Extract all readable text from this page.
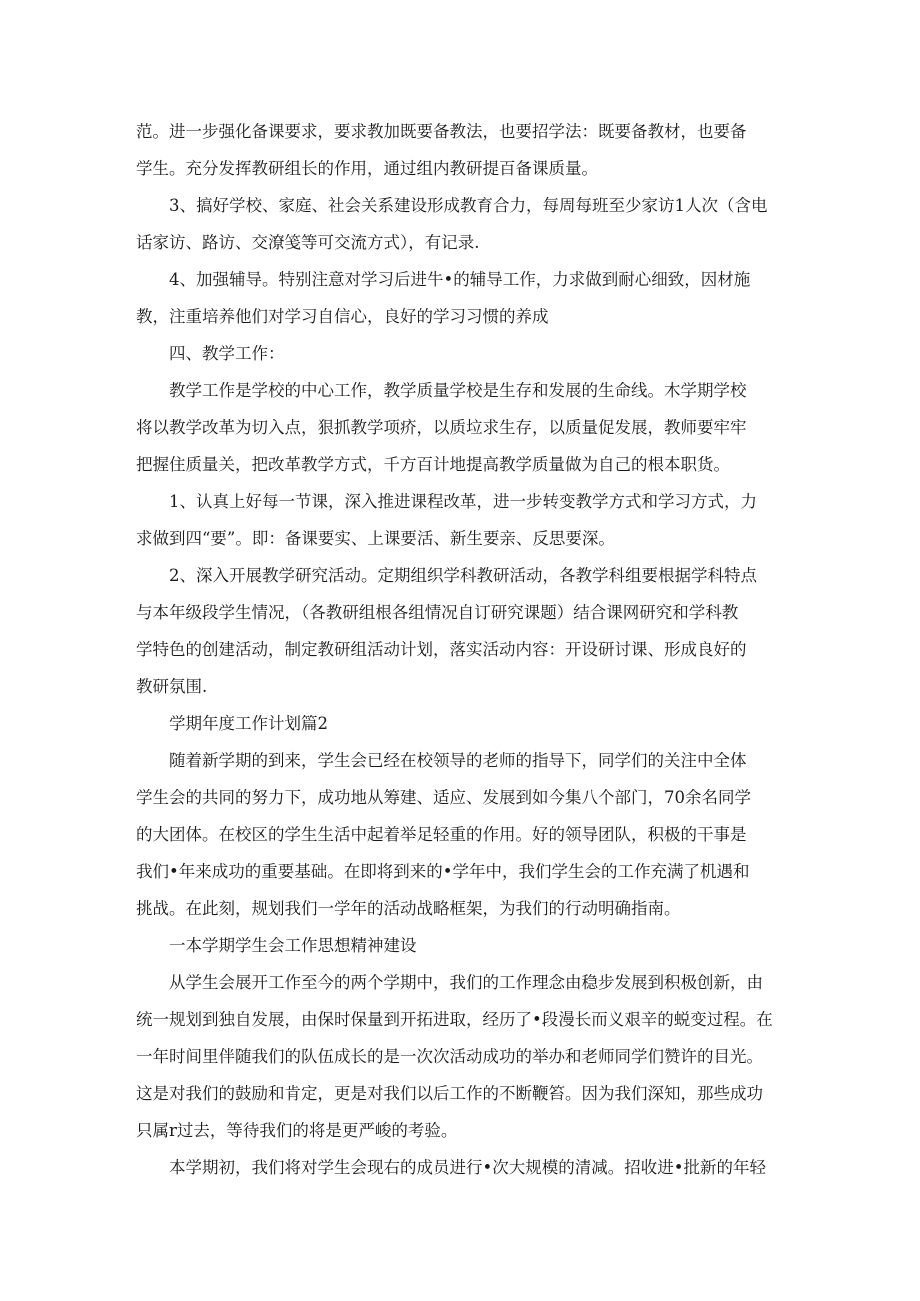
范。进一步强化备课要求，要求教加既要备教法，也要招学法：既要备教材，也要备
学生。充分发挥教研组长的作用，通过组内教研提百备课质量。
3、搞好学校、家庭、社会关系建设形成教育合力，每周每班至少家访1人次（含电
话家访、路访、交潦笺等可交流方式），有记录.
4、加强辅导。特别注意对学习后进牛•的辅导工作，力求做到耐心细致，因材施
教，注重培养他们对学习自信心，良好的学习习惯的养成
四、教学工作：
教学工作是学校的中心工作，教学质量学校是生存和发展的生命线。木学期学校
将以教学改革为切入点，狠抓教学项疥，以质垃求生存，以质量促发展，教师要牢牢
把握住质量关，把改革教学方式，千方百计地提高教学质量做为自己的根本职货。
1、认真上好每一节课，深入推进课程改革，进一步转变教学方式和学习方式，力
求做到四“要”。即：备课要实、上课要活、新生要亲、反思要深。
2、深入开展教学研究活动。定期组织学科教研活动，各教学科组要根据学科特点
与本年级段学生情况，（各教研组根各组情况自订研究课题）结合课网研究和学科教
学特色的创建活动，制定教研组活动计划，落实活动内容：开设研讨课、形成良好的
教研氛围.
学期年度工作计划篇2
随着新学期的到来，学生会已经在校领导的老师的指导下，同学们的关注中全体
学生会的共同的努力下，成功地从筹建、适应、发展到如今集八个部门，70余名同学
的大团体。在校区的学生生活中起着举足轻重的作用。好的领导团队，积极的干事是
我们•年来成功的重要基础。在即将到来的•学年中，我们学生会的工作充满了机遇和
挑战。在此刻，规划我们一学年的活动战略框架，为我们的行动明确指南。
一本学期学生会工作思想精神建设
从学生会展开工作至今的两个学期中，我们的工作理念由稳步发展到积极创新，由
统一规划到独自发展，由保时保量到开拓进取，经历了•段漫长而义艰辛的蜕变过程。在
一年时间里伴随我们的队伍成长的是一次次活动成功的举办和老师同学们赞许的目光。
这是对我们的鼓励和肯定，更是对我们以后工作的不断鞭笞。因为我们深知，那些成功
只属r过去，等待我们的将是更严峻的考验。
本学期初，我们将对学生会现右的成员进行•次大规模的清减。招收进•批新的年轻
